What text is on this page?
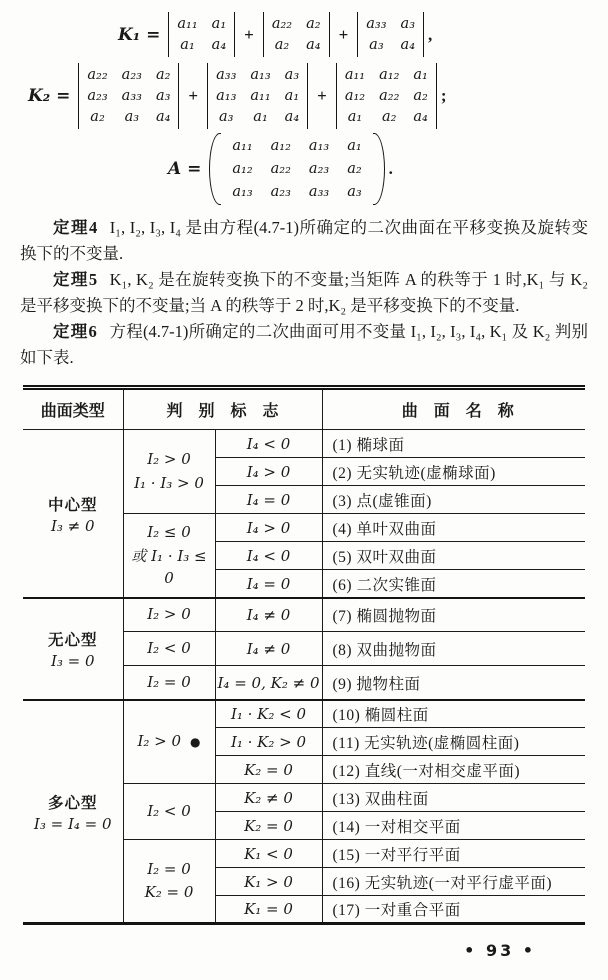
K₁ =
a₁₁ a₁
a₁ a₄
+
a₂₂ a₂
a₂ a₄
+
a₃₃ a₃
a₃ a₄
,
K₂ =
a₂₂ a₂₃ a₂
a₂₃ a₃₃ a₃
a₂ a₃ a₄
+
a₃₃ a₁₃ a₃
a₁₃ a₁₁ a₁
a₃ a₁ a₄
+
a₁₁ a₁₂ a₁
a₁₂ a₂₂ a₂
a₁ a₂ a₄
;
A =
a₁₁ a₁₂ a₁₃ a₁
a₁₂ a₂₂ a₂₃ a₂
a₁₃ a₂₃ a₃₃ a₃
.

定理4 I₁, I₂, I₃, I₄ 是由方程(4.7-1)所确定的二次曲面在平移变换及旋转变换下的不变量.

定理5 K₁, K₂ 是在旋转变换下的不变量;当矩阵 A 的秩等于 1 时,K₁ 与 K₂ 是平移变换下的不变量;当 A 的秩等于 2 时,K₂ 是平移变换下的不变量.

定理6 方程(4.7-1)所确定的二次曲面可用不变量 I₁, I₂, I₃, I₄, K₁ 及 K₂ 判别如下表.

曲面类型	判　别　标　志		曲　面　名　称

中心型
I₃ ≠ 0

I₂ > 0
I₁ · I₃ > 0
	I₄ < 0	(1) 椭球面
		I₄ > 0	(2) 无实轨迹(虚椭球面)
		I₄ = 0	(3) 点(虚锥面)

	I₂ ≤ 0
或 I₁ · I₃ ≤ 0	I₄ > 0	(4) 单叶双曲面
		I₄ < 0	(5) 双叶双曲面
		I₄ = 0	(6) 二次实锥面

无心型
I₃ = 0	I₂ > 0	I₄ ≠ 0	(7) 椭圆抛物面
	I₂ < 0	I₄ ≠ 0	(8) 双曲抛物面
	I₂ = 0	I₄ = 0, K₂ ≠ 0	(9) 抛物柱面

多心型
I₃ = I₄ = 0	I₂ > 0 ●	I₁ · K₂ < 0	(10) 椭圆柱面
		I₁ · K₂ > 0	(11) 无实轨迹(虚椭圆柱面)
		K₂ = 0	(12) 直线(一对相交虚平面)
	I₂ < 0	K₂ ≠ 0	(13) 双曲柱面
		K₂ = 0	(14) 一对相交平面

	I₂ = 0
K₂ = 0	K₁ < 0	(15) 一对平行平面
		K₁ > 0	(16) 无实轨迹(一对平行虚平面)
		K₁ = 0	(17) 一对重合平面
• 93 •
